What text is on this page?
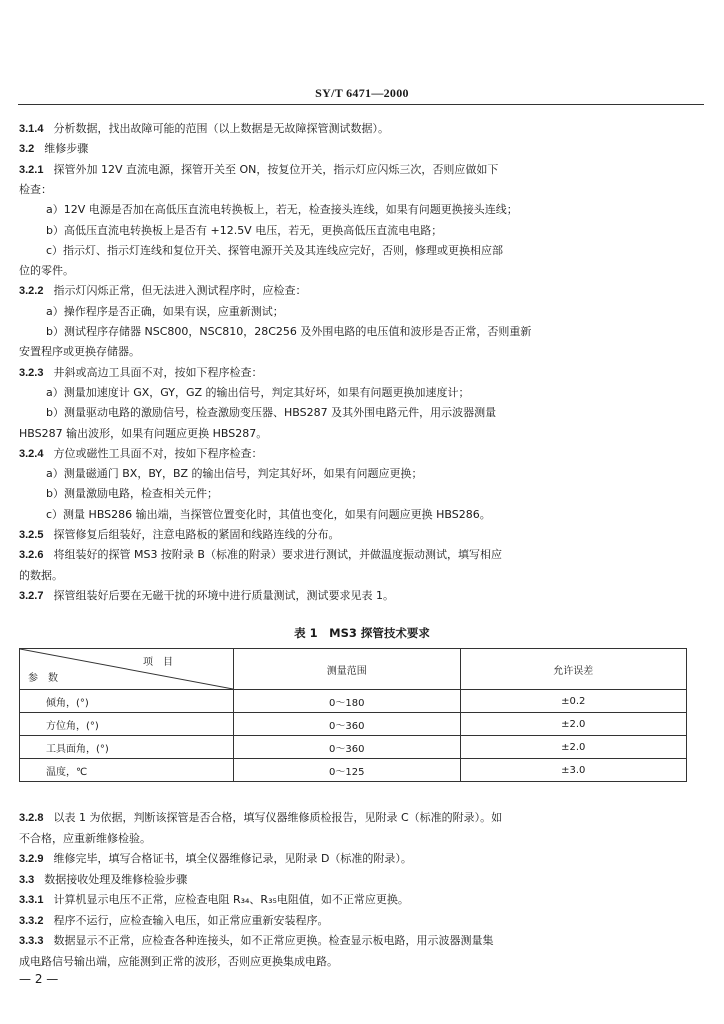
SY/T 6471—2000
3.1.4 分析数据，找出故障可能的范围（以上数据是无故障探管测试数据）。
3.2 维修步骤
3.2.1 探管外加 12V 直流电源，探管开关至 ON，按复位开关，指示灯应闪烁三次，否则应做如下
检查：
a）12V 电源是否加在高低压直流电转换板上，若无，检查接头连线，如果有问题更换接头连线；
b）高低压直流电转换板上是否有 +12.5V 电压，若无，更换高低压直流电电路；
c）指示灯、指示灯连线和复位开关、探管电源开关及其连线应完好，否则，修理或更换相应部
位的零件。
3.2.2 指示灯闪烁正常，但无法进入测试程序时，应检查：
a）操作程序是否正确，如果有误，应重新测试；
b）测试程序存储器 NSC800，NSC810，28C256 及外围电路的电压值和波形是否正常，否则重新
安置程序或更换存储器。
3.2.3 井斜或高边工具面不对，按如下程序检查：
a）测量加速度计 GX，GY，GZ 的输出信号，判定其好坏，如果有问题更换加速度计；
b）测量驱动电路的激励信号，检查激励变压器、HBS287 及其外围电路元件，用示波器测量
HBS287 输出波形，如果有问题应更换 HBS287。
3.2.4 方位或磁性工具面不对，按如下程序检查：
a）测量磁通门 BX，BY，BZ 的输出信号，判定其好坏，如果有问题应更换；
b）测量激励电路，检查相关元件；
c）测量 HBS286 输出端，当探管位置变化时，其值也变化，如果有问题应更换 HBS286。
3.2.5 探管修复后组装好，注意电路板的紧固和线路连线的分布。
3.2.6 将组装好的探管 MS3 按附录 B（标准的附录）要求进行测试，并做温度振动测试，填写相应
的数据。
3.2.7 探管组装好后要在无磁干扰的环境中进行质量测试，测试要求见表 1。
表 1　MS3 探管技术要求
项　目
参　数	测量范围	允许误差
倾角，(°)	0～180	±0.2
方位角，(°)	0～360	±2.0
工具面角，(°)	0～360	±2.0
温度，℃	0～125	±3.0
3.2.8 以表 1 为依据，判断该探管是否合格，填写仪器维修质检报告，见附录 C（标准的附录）。如
不合格，应重新维修检验。
3.2.9 维修完毕，填写合格证书，填全仪器维修记录，见附录 D（标准的附录）。
3.3 数据接收处理及维修检验步骤
3.3.1 计算机显示电压不正常，应检查电阻 R₃₄、R₃₅电阻值，如不正常应更换。
3.3.2 程序不运行，应检查输入电压，如正常应重新安装程序。
3.3.3 数据显示不正常，应检查各种连接头，如不正常应更换。检查显示板电路，用示波器测量集
成电路信号输出端，应能测到正常的波形，否则应更换集成电路。
— 2 —
